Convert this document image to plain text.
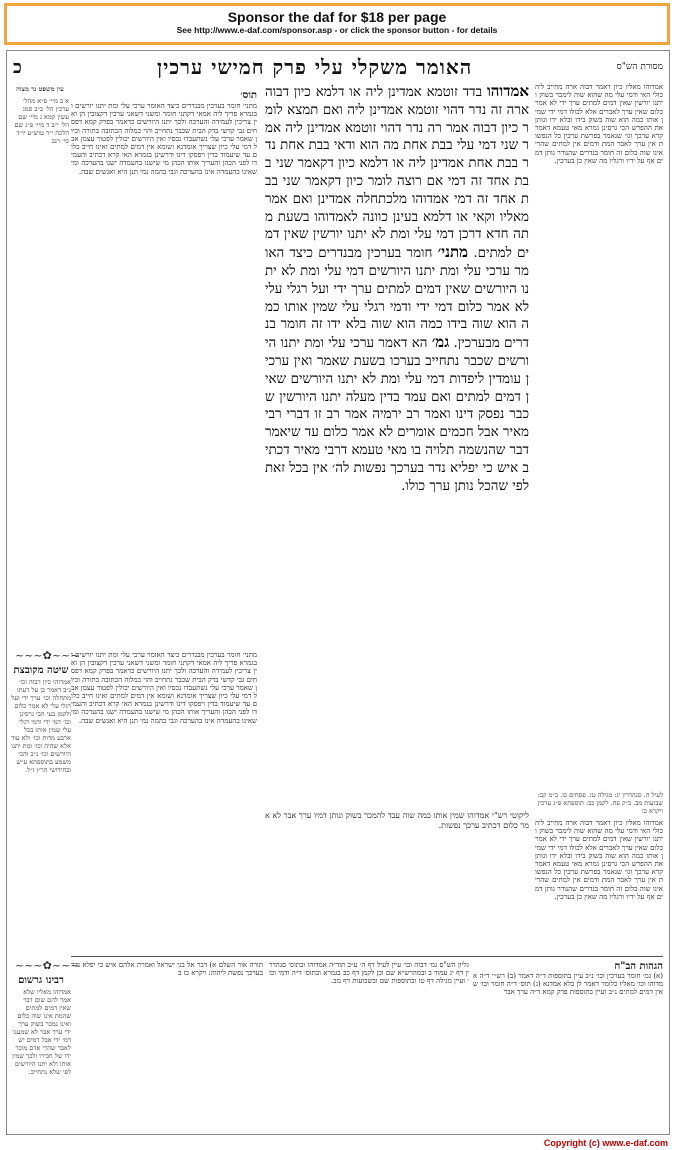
Sponsor the daf for $18 per page
See http://www.e-daf.com/sponsor.asp - or click the sponsor button - for details
מסורת הש"ס
האומר משקלי עלי פרק חמישי ערכין
כ
אמדוהו מאליו כיון דאמר דבוה ארה מחייב ליה כולי האי ודמי עלי מה שהוא שוה לימכר בשוק ויתנו יורשין שאין דמים למתים ערך ידי לא אמר כלום שאין ערך לאברים אלא לכולו דמי ידי שמין אותו כמה הוא שוה בשוק בידו ובלא ידו ונותן את ההפרש הכי גרסינן גמרא מאי טעמא דאמר קרא ערכך וגו׳ שנאמר בפרשת ערכין כל הנפשות אין ערך לאבר המת ודמים אין למתים שהרי אינו שוה כלום זה חומר בנדרים שהנודר נותן דמים אף על ידיו ורגליו מה שאין כן בערכין.
עין משפט נר מצוה
א ב מיי׳ פ״א מהל׳ ערכין הל׳ כ״ב סמג עשין קמא ג מיי׳ שם הל׳ י״ב ד מיי׳ פ״ג שם הלכה י״ד טוש״ע יו״ד סי׳ רנב
אמדוהו בדד זוטמא אמדינן ליה או דלמא כיון דבוה ארה זה נדר דהוי זוטמא אמדינן ליה ואם תמצא לומר כיון דבוה אמר רה נדר דהוי זוטמא אמדינן ליה אמר שני דמי עלי בבת אחת מה הוא ודאי בבת אחת נדר בבת אחת אמדינן ליה או דלמא כיון דקאמר שני בבת אחד זה דמי אם רוצה לומר כיון דקאמר שני בבת אחד זה דמי אמדוהו מלכתחלה אמדינן ואם אמר מאליו וקאי או דלמא בעינן כוונה לאמדוהו בשעת מתה חדא דרכן דמי עלי ומת לא יתנו יורשין שאין דמים למתים. מתני׳ חומר בערכין מבנדרים כיצד האומר ערכי עלי ומת יתנו היורשים דמי עלי ומת לא יתנו היורשים שאין דמים למתים ערך ידי ועל רגלי עלי לא אמר כלום דמי ידי ודמי רגלי עלי שמין אותו כמה הוא שוה בידו כמה הוא שוה בלא ידו זה חומר בנדרים מבערכין. גמ׳ הא דאמר ערכי עלי ומת יתנו היורשים שכבר נתחייב בערכו בשעת שאמר ואין ערכין עומדין ליפדות דמי עלי ומת לא יתנו היורשים שאין דמים למתים ואם עמד בדין מעלה יתנו היורשין שכבר נפסק דינו ואמר רב ירמיה אמר רב זו דברי רבי מאיר אבל חכמים אומרים לא אמר כלום עד שיאמר דבר שהנשמה תלויה בו מאי טעמא דרבי מאיר דכתיב איש כי יפליא נדר בערכך נפשות לה׳ אין בכל זאת לפי שהכל נותן ערך כולו.
תוס׳
מתני׳ חומר בערכין מבנדרים כיצד האומר ערכי עלי ומת יתנו יורשים ובגמרא פריך ליה אמאי דקתני חומר ומשני דשאני ערכין דקצובין הן ואין צריכין לעמידה והערכה ולכך יתנו היורשים כדאמר בפרק קמא דפסחים גבי קדשי בדק הבית שכבר נתחייב והוי כמלוה הכתובה בתורה וכיון שאמר ערכי עלי נשתעבדו נכסיו ואין היורשים יכולין לפטור עצמן אבל דמי עלי כיון שצריך אומדנא ושומא אין דמים למתים ואינו חייב כלום עד שיעמוד בדין ויפסקו דינו ודרשינן בגמרא האי קרא דכתיב והעמידו לפני הכהן והעריך אותו הכהן מי שישנו בהעמדה ישנו בהערכה ומי שאינו בהעמדה אינו בהערכה וגבי בהמה נמי תנן היא ואנשים שבה.
~~~✿~~~
שיטה מקובצת
אמדוהו כיון דבוה וכו׳ נ״ב דאמר כן על דעתו מתחלה וכו׳ ערך ידי ועל רגלי עלי לא אמר כלום ולקמן בעי הכי גרסינן וכו׳ דמי ידי ודמי רגלי עלי שמין אותו בכל ארבע מדות וכו׳ ולא עוד אלא שהיה וכו׳ ומת יתנו היורשים וכו׳ נ״ב והכי משמע בתוספתא ע״ש ובחידושי הר״ן ז״ל.
מתני׳ חומר בערכין מבנדרים כיצד האומר ערכי עלי ומת יתנו יורשים ובגמרא פריך ליה אמאי דקתני חומר ומשני דשאני ערכין דקצובין הן ואין צריכין לעמידה והערכה ולכך יתנו היורשים כדאמר בפרק קמא דפסחים גבי קדשי בדק הבית שכבר נתחייב והוי כמלוה הכתובה בתורה וכיון שאמר ערכי עלי נשתעבדו נכסיו ואין היורשים יכולין לפטור עצמן אבל דמי עלי כיון שצריך אומדנא ושומא אין דמים למתים ואינו חייב כלום עד שיעמוד בדין ויפסקו דינו ודרשינן בגמרא האי קרא דכתיב והעמידו לפני הכהן והעריך אותו הכהן מי שישנו בהעמדה ישנו בהערכה ומי שאינו בהעמדה אינו בהערכה וגבי בהמה נמי תנן היא ואנשים שבה.
לעיל ה. סנהדרין יג: מגילה טז. פסחים כו. ב״מ קב: שבועות מב. ב״ק פח. לקמן כב: תוספתא פ״ג ערכין ויקרא כז
אמדוהו מאליו כיון דאמר דבוה ארה מחייב ליה כולי האי ודמי עלי מה שהוא שוה לימכר בשוק ויתנו יורשין שאין דמים למתים ערך ידי לא אמר כלום שאין ערך לאברים אלא לכולו דמי ידי שמין אותו כמה הוא שוה בשוק בידו ובלא ידו ונותן את ההפרש הכי גרסינן גמרא מאי טעמא דאמר קרא ערכך וגו׳ שנאמר בפרשת ערכין כל הנפשות אין ערך לאבר המת ודמים אין למתים שהרי אינו שוה כלום זה חומר בנדרים שהנודר נותן דמים אף על ידיו ורגליו מה שאין כן בערכין.
ליקוטי רש"י אמדוהו שמין אותו כמה שוה עבד להמכר בשוק ונותן דמיו ערך אבר לא אמר כלום דכתיב ערכך נפשות.
~~~✿~~~
רבינו גרשום
אמדוהו מאליו שלא אמר להם שום דבר שאין דמים למתים שהמת אינו שוה כלום ואינו נמכר בשוק ערך ידי ערך אבר לא שמענו דמי ידי אבל דמים יש לאבר שהרי אדם מוכר ידו של חבירו ולכך שמין אותו ולא יתנו היורשים לפי שלא נתחייב.
הגהות הב"ח
(א) גמ׳ חומר בערכין וכו׳ נ״ב עיין בתוספות ד״ה דאמר (ב) רש״י ד״ה אמדוהו וכו׳ מאליו כלומר דאמר לן בלא אמדנא (ג) תוס׳ ד״ה חומר וכו׳ שאין דמים למתים נ״ב ועיין בתוספות פרק קמא ד״ה ערך אבר
גליון הש"ס גמ׳ דבוה וכו׳ עיין לעיל דף ה׳ ע״ב תוד״ה אמדוהו ובתוס׳ סנהדרין דף יג עמוד ב ובמהרש״א שם וכן לקמן דף כב בגמרא ובתוס׳ ד״ה ודמי וכו׳ ועיין מגילה דף טז ובתוספות שם ובשבועות דף מב.
תורה אור השלם א) דבר אל בני ישראל ואמרת אלהם איש כי יפלא נדר בערכך נפשת ליהוה: ויקרא כז ב
Copyright (c) www.e-daf.com
